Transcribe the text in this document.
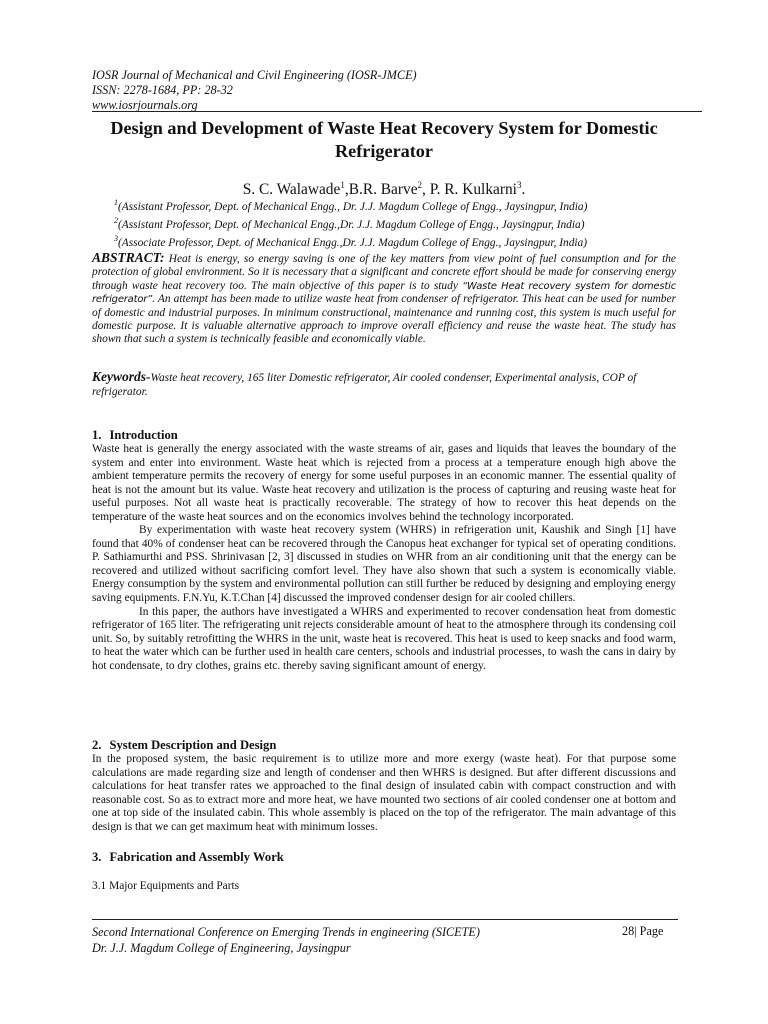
IOSR Journal of Mechanical and Civil Engineering (IOSR-JMCE)
ISSN: 2278-1684, PP: 28-32
www.iosrjournals.org
Design and Development of Waste Heat Recovery System for Domestic Refrigerator
S. C. Walawade$^1$,B.R. Barve$^2$, P. R. Kulkarni$^3$.
$^1$(Assistant Professor, Dept. of Mechanical Engg., Dr. J.J. Magdum College of Engg., Jaysingpur, India)
$^2$(Assistant Professor, Dept. of Mechanical Engg.,Dr. J.J. Magdum College of Engg., Jaysingpur, India)
$^3$(Associate Professor, Dept. of Mechanical Engg.,Dr. J.J. Magdum College of Engg., Jaysingpur, India)
ABSTRACT: Heat is energy, so energy saving is one of the key matters from view point of fuel consumption and for the protection of global environment. So it is necessary that a significant and concrete effort should be made for conserving energy through waste heat recovery too. The main objective of this paper is to study “Waste Heat recovery system for domestic refrigerator”. An attempt has been made to utilize waste heat from condenser of refrigerator. This heat can be used for number of domestic and industrial purposes. In minimum constructional, maintenance and running cost, this system is much useful for domestic purpose. It is valuable alternative approach to improve overall efficiency and reuse the waste heat. The study has shown that such a system is technically feasible and economically viable.
Keywords-Waste heat recovery, 165 liter Domestic refrigerator, Air cooled condenser, Experimental analysis, COP of refrigerator.
1. Introduction

Waste heat is generally the energy associated with the waste streams of air, gases and liquids that leaves the boundary of the system and enter into environment. Waste heat which is rejected from a process at a temperature enough high above the ambient temperature permits the recovery of energy for some useful purposes in an economic manner. The essential quality of heat is not the amount but its value. Waste heat recovery and utilization is the process of capturing and reusing waste heat for useful purposes. Not all waste heat is practically recoverable. The strategy of how to recover this heat depends on the temperature of the waste heat sources and on the economics involves behind the technology incorporated.

By experimentation with waste heat recovery system (WHRS) in refrigeration unit, Kaushik and Singh [1] have found that 40% of condenser heat can be recovered through the Canopus heat exchanger for typical set of operating conditions. P. Sathiamurthi and PSS. Shrinivasan [2, 3] discussed in studies on WHR from an air conditioning unit that the energy can be recovered and utilized without sacrificing comfort level. They have also shown that such a system is economically viable. Energy consumption by the system and environmental pollution can still further be reduced by designing and employing energy saving equipments. F.N.Yu, K.T.Chan [4] discussed the improved condenser design for air cooled chillers.

In this paper, the authors have investigated a WHRS and experimented to recover condensation heat from domestic refrigerator of 165 liter. The refrigerating unit rejects considerable amount of heat to the atmosphere through its condensing coil unit. So, by suitably retrofitting the WHRS in the unit, waste heat is recovered. This heat is used to keep snacks and food warm, to heat the water which can be further used in health care centers, schools and industrial processes, to wash the cans in dairy by hot condensate, to dry clothes, grains etc. thereby saving significant amount of energy.

2. System Description and Design

In the proposed system, the basic requirement is to utilize more and more exergy (waste heat). For that purpose some calculations are made regarding size and length of condenser and then WHRS is designed. But after different discussions and calculations for heat transfer rates we approached to the final design of insulated cabin with compact construction and with reasonable cost. So as to extract more and more heat, we have mounted two sections of air cooled condenser one at bottom and one at top side of the insulated cabin. This whole assembly is placed on the top of the refrigerator. The main advantage of this design is that we can get maximum heat with minimum losses.

3. Fabrication and Assembly Work
3.1 Major Equipments and Parts
Second International Conference on Emerging Trends in engineering (SICETE)
Dr. J.J. Magdum College of Engineering, Jaysingpur
28| Page
